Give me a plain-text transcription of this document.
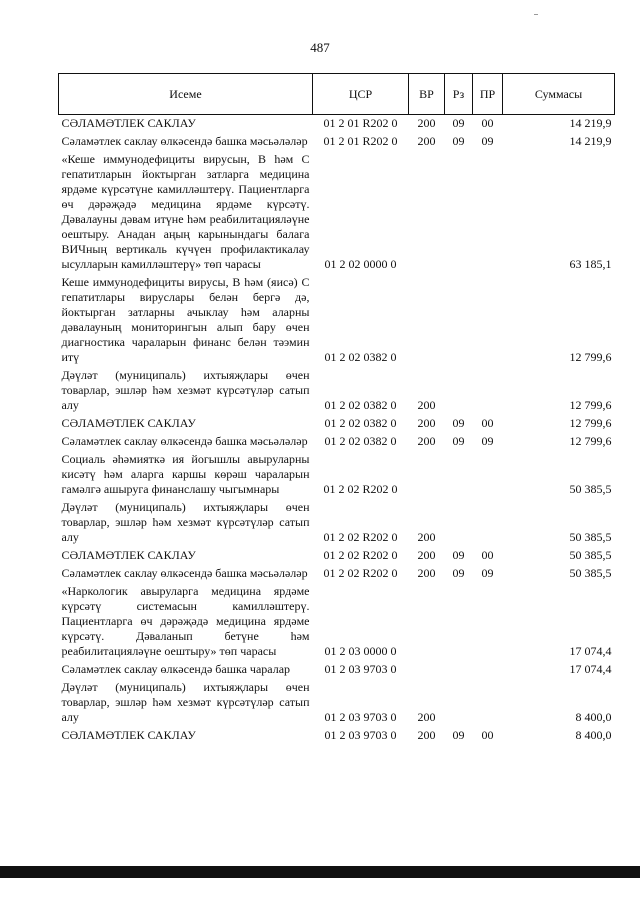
487
Исеме	ЦСР	ВР	Рз	ПР	Суммасы
СӘЛАМӘТЛЕК САКЛАУ	01 2 01 R202 0	200	09	00	14 219,9
Сәламәтлек саклау өлкәсендә башка мәсьәләләр	01 2 01 R202 0	200	09	09	14 219,9
«Кеше иммунодефициты вирусын, B һәм C гепатитларын йоктырган затларга медицина ярдәме күрсәтүне камилләштерү. Пациентларга өч дәрәҗәдә медицина ярдәме күрсәтү. Дәвалауны дәвам итүне һәм реабилитацияләүне оештыру. Анадан аңың карынындагы балага ВИЧның вертикаль күчүен профилактикалау ысулларын камилләштерү» төп чарасы	01 2 02 0000 0				63 185,1
Кеше иммунодефициты вирусы, B һәм (яисә) C гепатитлары вируслары белән бергә дә, йоктырган затларны ачыклау һәм аларны дәвалауның мониторингын алып бару өчен диагностика чараларын финанс белән тәэмин итү	01 2 02 0382 0				12 799,6
Дәүләт (муниципаль) ихтыяҗлары өчен товарлар, эшләр һәм хезмәт күрсәтүләр сатып алу	01 2 02 0382 0	200			12 799,6
СӘЛАМӘТЛЕК САКЛАУ	01 2 02 0382 0	200	09	00	12 799,6
Сәламәтлек саклау өлкәсендә башка мәсьәләләр	01 2 02 0382 0	200	09	09	12 799,6
Социаль әһәмияткә ия йогышлы авыруларны кисәтү һәм аларга каршы көрәш чараларын гамәлгә ашыруга финанслашу чыгымнары	01 2 02 R202 0				50 385,5
Дәүләт (муниципаль) ихтыяҗлары өчен товарлар, эшләр һәм хезмәт күрсәтүләр сатып алу	01 2 02 R202 0	200			50 385,5
СӘЛАМӘТЛЕК САКЛАУ	01 2 02 R202 0	200	09	00	50 385,5
Сәламәтлек саклау өлкәсендә башка мәсьәләләр	01 2 02 R202 0	200	09	09	50 385,5
«Наркологик авыруларга медицина ярдәме күрсәтү системасын камилләштерү. Пациентларга өч дәрәҗәдә медицина ярдәме күрсәтү. Дәваланып бетүне һәм реабилитацияләүне оештыру» төп чарасы	01 2 03 0000 0				17 074,4
Сәламәтлек саклау өлкәсендә башка чаралар	01 2 03 9703 0				17 074,4
Дәүләт (муниципаль) ихтыяҗлары өчен товарлар, эшләр һәм хезмәт күрсәтүләр сатып алу	01 2 03 9703 0	200			8 400,0
СӘЛАМӘТЛЕК САКЛАУ	01 2 03 9703 0	200	09	00	8 400,0
